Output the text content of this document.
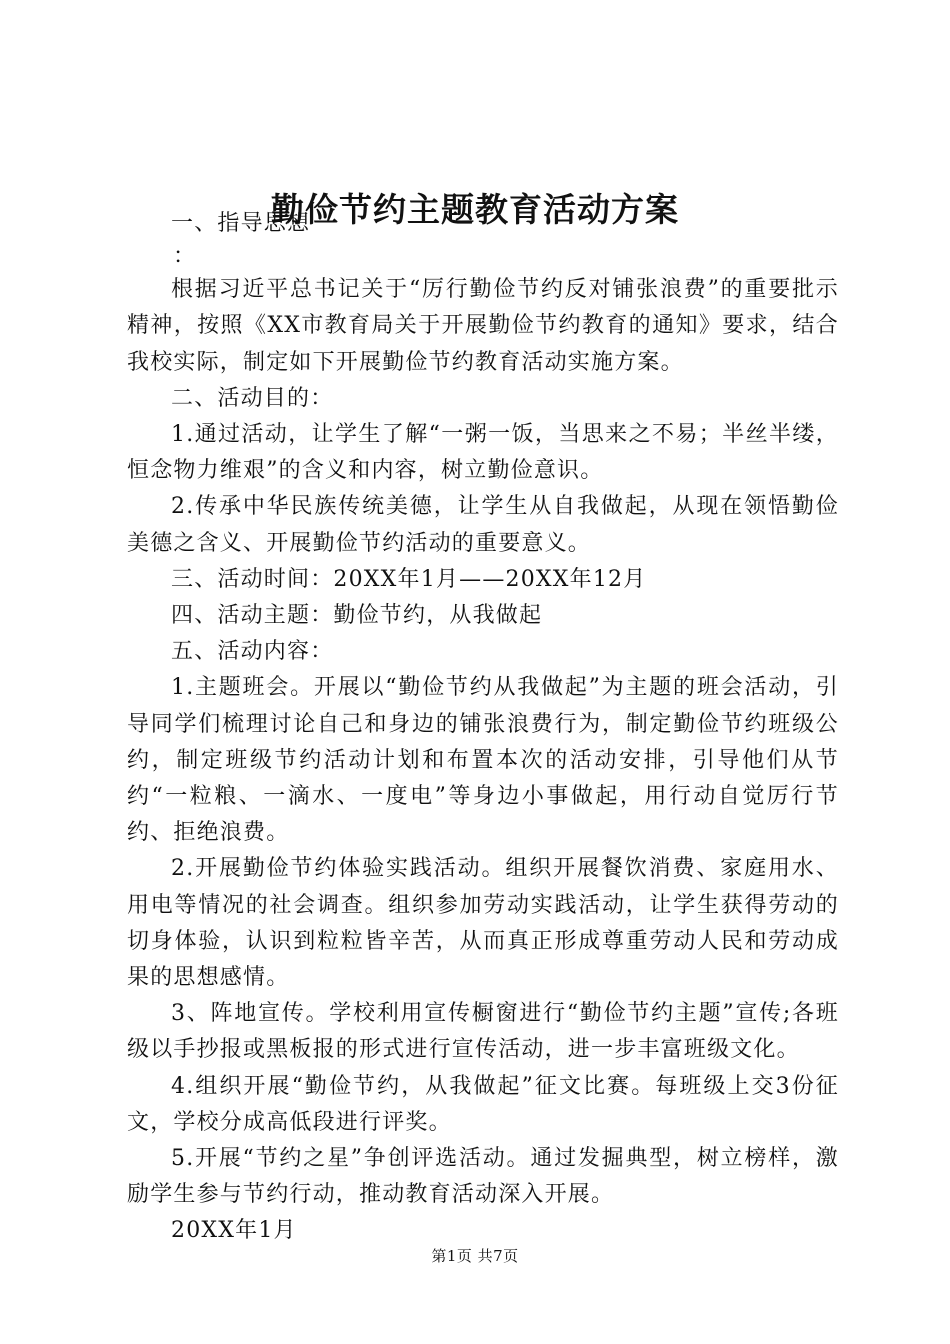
勤俭节约主题教育活动方案

一、指导思想

：

根据习近平总书记关于“厉行勤俭节约反对铺张浪费”的重要批示精神，按照《XX市教育局关于开展勤俭节约教育的通知》要求，结合我校实际，制定如下开展勤俭节约教育活动实施方案。

二、活动目的：

1.通过活动，让学生了解“一粥一饭，当思来之不易；半丝半缕，恒念物力维艰”的含义和内容，树立勤俭意识。

2.传承中华民族传统美德，让学生从自我做起，从现在领悟勤俭美德之含义、开展勤俭节约活动的重要意义。

三、活动时间：20XX年1月——20XX年12月

四、活动主题：勤俭节约，从我做起

五、活动内容：

1.主题班会。开展以“勤俭节约从我做起”为主题的班会活动，引导同学们梳理讨论自己和身边的铺张浪费行为，制定勤俭节约班级公约，制定班级节约活动计划和布置本次的活动安排，引导他们从节约“一粒粮、一滴水、一度电”等身边小事做起，用行动自觉厉行节约、拒绝浪费。

2.开展勤俭节约体验实践活动。组织开展餐饮消费、家庭用水、用电等情况的社会调查。组织参加劳动实践活动，让学生获得劳动的切身体验，认识到粒粒皆辛苦，从而真正形成尊重劳动人民和劳动成果的思想感情。

3、阵地宣传。学校利用宣传橱窗进行“勤俭节约主题”宣传;各班级以手抄报或黑板报的形式进行宣传活动，进一步丰富班级文化。

4.组织开展“勤俭节约，从我做起”征文比赛。每班级上交3份征文，学校分成高低段进行评奖。

5.开展“节约之星”争创评选活动。通过发掘典型，树立榜样，激励学生参与节约行动，推动教育活动深入开展。

20XX年1月

第1页 共7页
